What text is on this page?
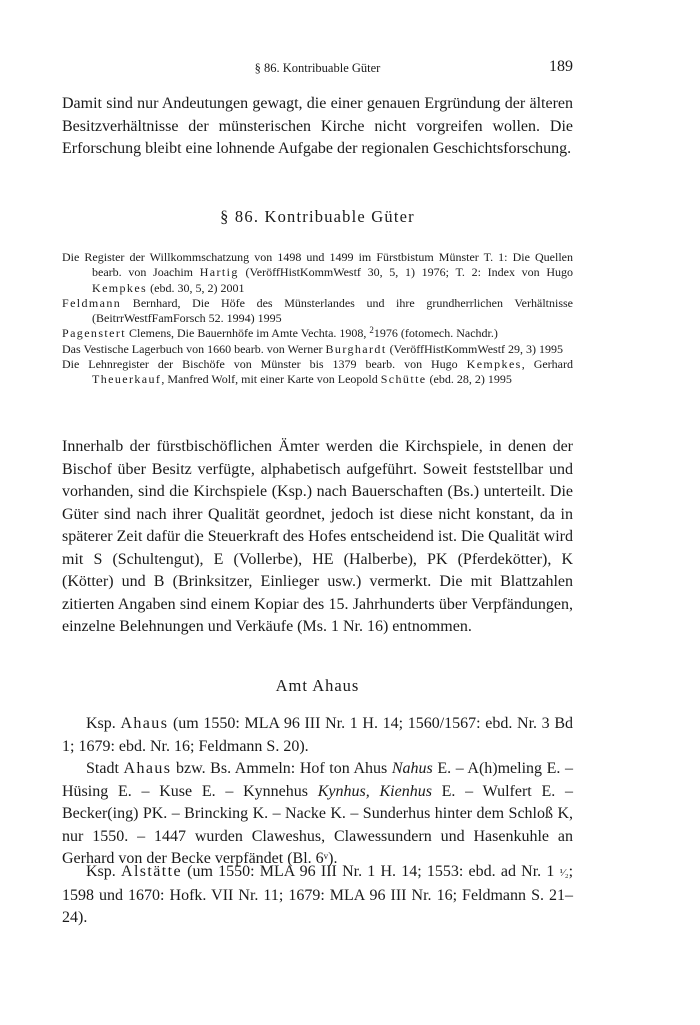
§ 86. Kontribuable Güter	189

Damit sind nur Andeutungen gewagt, die einer genauen Ergründung der älteren Besitzverhältnisse der münsterischen Kirche nicht vorgreifen wollen. Die Erforschung bleibt eine lohnende Aufgabe der regionalen Geschichtsforschung.

§ 86. Kontribuable Güter

Die Register der Willkommschatzung von 1498 und 1499 im Fürstbistum Münster T. 1: Die Quellen bearb. von Joachim Hartig (VeröffHistKommWestf 30, 5, 1) 1976; T. 2: Index von Hugo Kempkes (ebd. 30, 5, 2) 2001

Feldmann Bernhard, Die Höfe des Münsterlandes und ihre grundherrlichen Verhältnisse (BeitrrWestfFamForsch 52. 1994) 1995

Pagenstert Clemens, Die Bauernhöfe im Amte Vechta. 1908, $^2$1976 (fotomech. Nachdr.)

Das Vestische Lagerbuch von 1660 bearb. von Werner Burghardt (VeröffHistKommWestf 29, 3) 1995

Die Lehnregister der Bischöfe von Münster bis 1379 bearb. von Hugo Kempkes, Gerhard Theuerkauf, Manfred Wolf, mit einer Karte von Leopold Schütte (ebd. 28, 2) 1995

Innerhalb der fürstbischöflichen Ämter werden die Kirchspiele, in denen der Bischof über Besitz verfügte, alphabetisch aufgeführt. Soweit feststellbar und vorhanden, sind die Kirchspiele (Ksp.) nach Bauerschaften (Bs.) unterteilt. Die Güter sind nach ihrer Qualität geordnet, jedoch ist diese nicht konstant, da in späterer Zeit dafür die Steuerkraft des Hofes entscheidend ist. Die Qualität wird mit S (Schultengut), E (Vollerbe), HE (Halberbe), PK (Pferdekötter), K (Kötter) und B (Brinksitzer, Einlieger usw.) vermerkt. Die mit Blattzahlen zitierten Angaben sind einem Kopiar des 15. Jahrhunderts über Verpfändungen, einzelne Belehnungen und Verkäufe (Ms. 1 Nr. 16) entnommen.

Amt Ahaus

Ksp. Ahaus (um 1550: MLA 96 III Nr. 1 H. 14; 1560/1567: ebd. Nr. 3 Bd 1; 1679: ebd. Nr. 16; Feldmann S. 20).

Stadt Ahaus bzw. Bs. Ammeln: Hof ton Ahus Nahus E. – A(h)meling E. – Hüsing E. – Kuse E. – Kynnehus Kynhus, Kienhus E. – Wulfert E. – Becker(ing) PK. – Brincking K. – Nacke K. – Sunderhus hinter dem Schloß K, nur 1550. – 1447 wurden Claweshus, Clawessundern und Hasenkuhle an Gerhard von der Becke verpfändet (Bl. 6$^v$).

Ksp. Alstätte (um 1550: MLA 96 III Nr. 1 H. 14; 1553: ebd. ad Nr. 1 ¹⁄₂; 1598 und 1670: Hofk. VII Nr. 11; 1679: MLA 96 III Nr. 16; Feldmann S. 21–24).
